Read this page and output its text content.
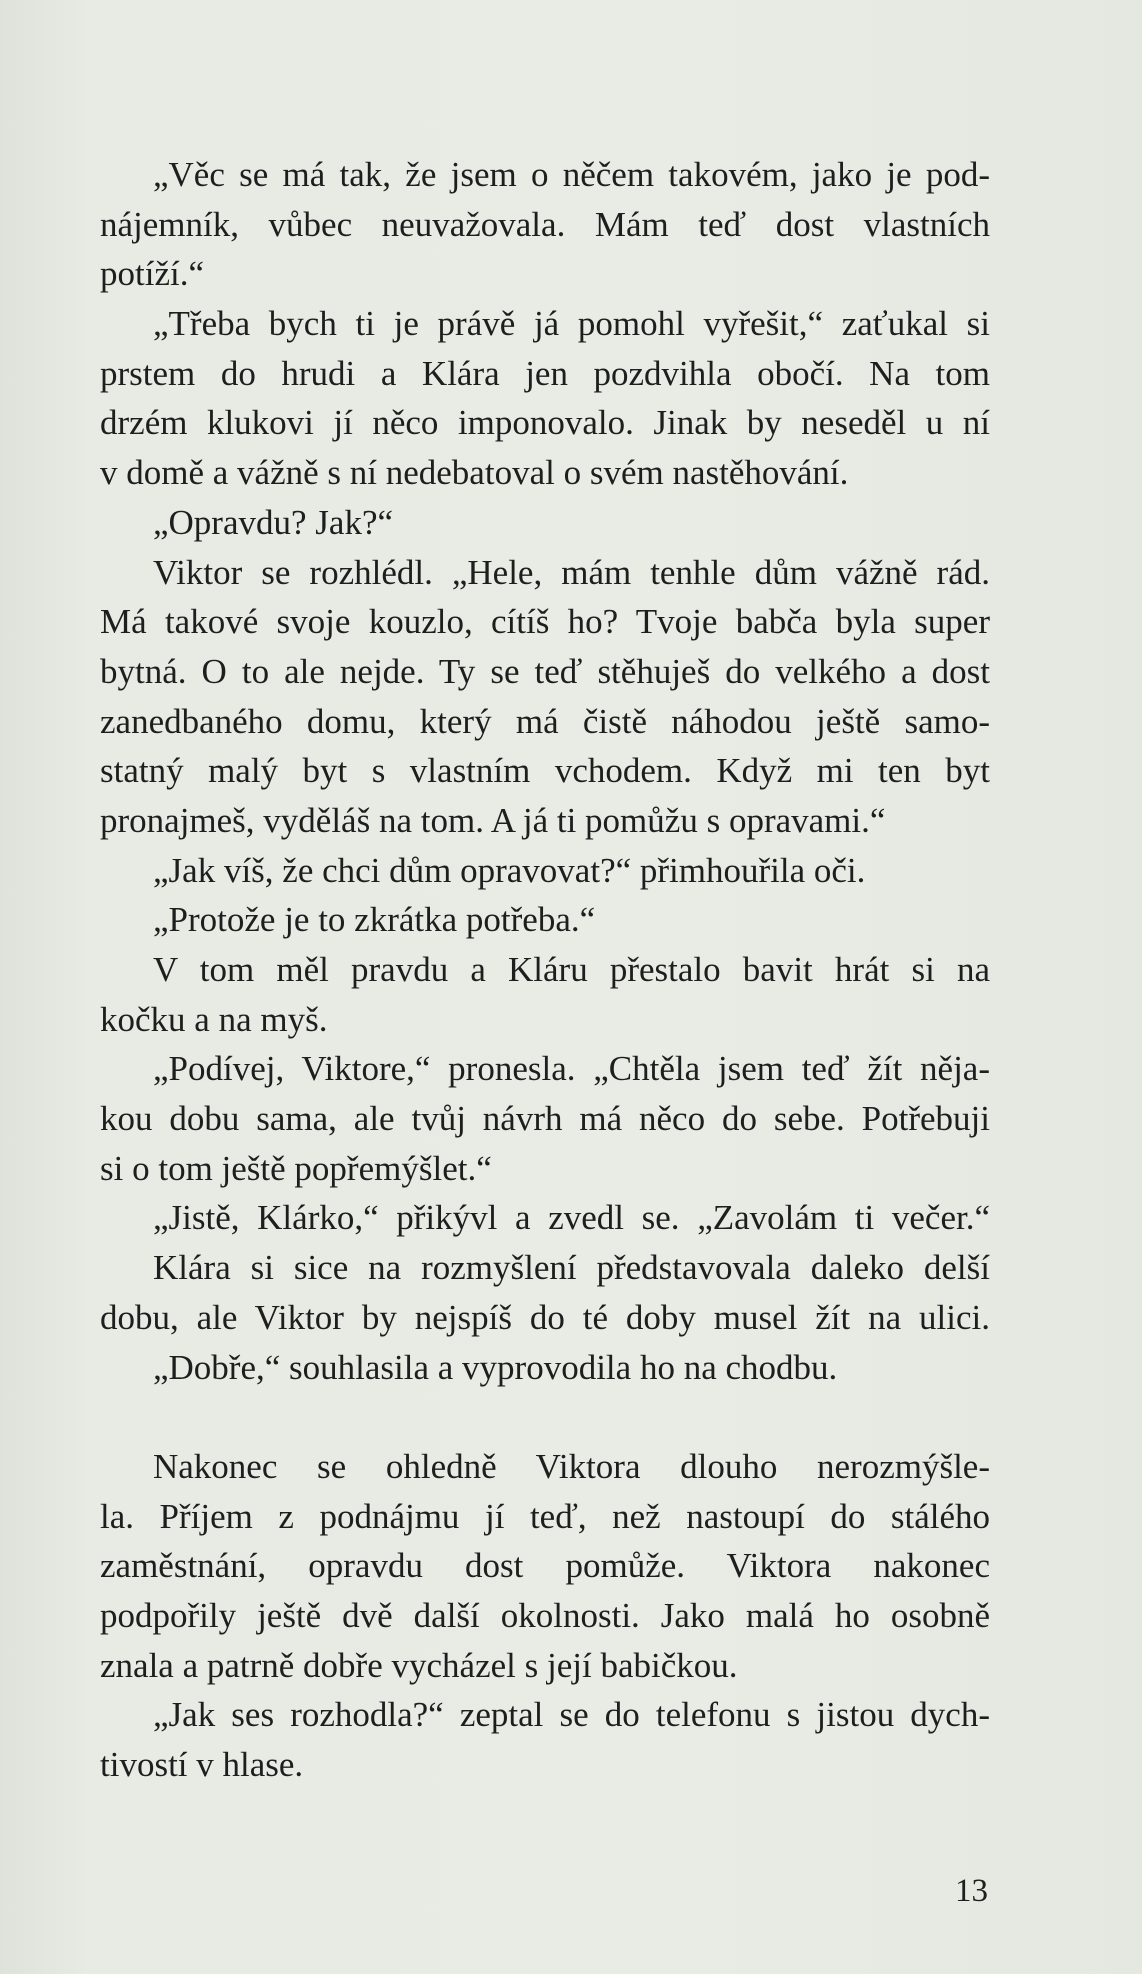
„Věc se má tak, že jsem o něčem takovém, jako je pod-
nájemník, vůbec neuvažovala. Mám teď dost vlastních
potíží.“
„Třeba bych ti je právě já pomohl vyřešit,“ zaťukal si
prstem do hrudi a Klára jen pozdvihla obočí. Na tom
drzém klukovi jí něco imponovalo. Jinak by neseděl u ní
v domě a vážně s ní nedebatoval o svém nastěhování.
„Opravdu? Jak?“
Viktor se rozhlédl. „Hele, mám tenhle dům vážně rád.
Má takové svoje kouzlo, cítíš ho? Tvoje babča byla super
bytná. O to ale nejde. Ty se teď stěhuješ do velkého a dost
zanedbaného domu, který má čistě náhodou ještě samo-
statný malý byt s vlastním vchodem. Když mi ten byt
pronajmeš, vyděláš na tom. A já ti pomůžu s opravami.“
„Jak víš, že chci dům opravovat?“ přimhouřila oči.
„Protože je to zkrátka potřeba.“
V tom měl pravdu a Kláru přestalo bavit hrát si na
kočku a na myš.
„Podívej, Viktore,“ pronesla. „Chtěla jsem teď žít něja-
kou dobu sama, ale tvůj návrh má něco do sebe. Potřebuji
si o tom ještě popřemýšlet.“
„Jistě, Klárko,“ přikývl a zvedl se. „Zavolám ti večer.“
Klára si sice na rozmyšlení představovala daleko delší
dobu, ale Viktor by nejspíš do té doby musel žít na ulici.
„Dobře,“ souhlasila a vyprovodila ho na chodbu.
Nakonec se ohledně Viktora dlouho nerozmýšle-
la. Příjem z podnájmu jí teď, než nastoupí do stálého
zaměstnání, opravdu dost pomůže. Viktora nakonec
podpořily ještě dvě další okolnosti. Jako malá ho osobně
znala a patrně dobře vycházel s její babičkou.
„Jak ses rozhodla?“ zeptal se do telefonu s jistou dych-
tivostí v hlase.
13
